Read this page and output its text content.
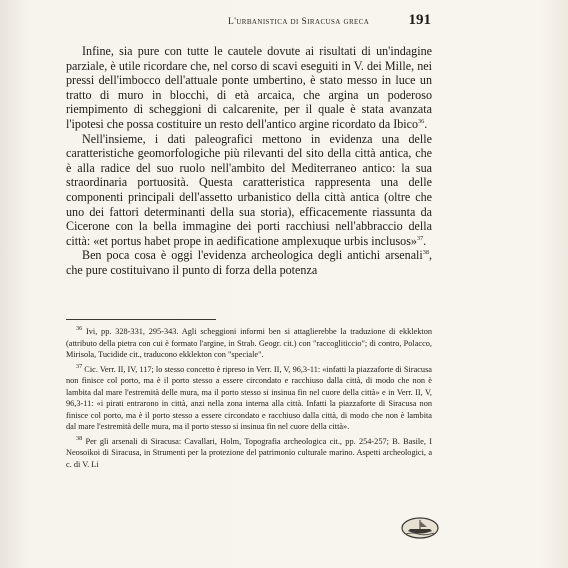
L'urbanistica di Siracusa greca	191

Infine, sia pure con tutte le cautele dovute ai risultati di un'indagine parziale, è utile ricordare che, nel corso di scavi eseguiti in V. dei Mille, nei pressi dell'imbocco dell'attuale ponte umbertino, è stato messo in luce un tratto di muro in blocchi, di età arcaica, che argina un poderoso riempimento di scheggioni di calcarenite, per il quale è stata avanzata l'ipotesi che possa costituire un resto dell'antico argine ricordato da Ibico$^{36}$.

Nell'insieme, i dati paleografici mettono in evidenza una delle caratteristiche geomorfologiche più rilevanti del sito della città antica, che è alla radice del suo ruolo nell'ambito del Mediterraneo antico: la sua straordinaria portuosità. Questa caratteristica rappresenta una delle componenti principali dell'assetto urbanistico della città antica (oltre che uno dei fattori determinanti della sua storia), efficacemente riassunta da Cicerone con la bella immagine dei porti racchiusi nell'abbraccio della città: «et portus habet prope in aedificatione amplexuque urbis inclusos»$^{37}$.

Ben poca cosa è oggi l'evidenza archeologica degli antichi arsenali$^{38}$, che pure costituivano il punto di forza della potenza

$^{36}$ Ivi, pp. 328-331, 295-343. Agli scheggioni informi ben si attaglierebbe la traduzione di ekklekton (attributo della pietra con cui è formato l'argine, in Strab. Geogr. cit.) con "raccogliticcio"; di contro, Polacco, Mirisola, Tucidide cit., traducono ekklekton con "speciale".

$^{37}$ Cic. Verr. II, IV, 117; lo stesso concetto è ripreso in Verr. II, V, 96,3-11: «infatti la piazzaforte di Siracusa non finisce col porto, ma è il porto stesso a essere circondato e racchiuso dalla città, di modo che non è lambita dal mare l'estremità delle mura, ma il porto stesso si insinua fin nel cuore della città» e in Verr. II, V, 96,3-11: «i pirati entrarono in città, anzi nella zona interna alla città. Infatti la piazzaforte di Siracusa non finisce col porto, ma è il porto stesso a essere circondato e racchiuso dalla città, di modo che non è lambita dal mare l'estremità delle mura, ma il porto stesso si insinua fin nel cuore della città».

$^{38}$ Per gli arsenali di Siracusa: Cavallari, Holm, Topografia archeologica cit., pp. 254-257; B. Basile, I Neosoikoi di Siracusa, in Strumenti per la protezione del patrimonio culturale marino. Aspetti archeologici, a c. di V. Li
